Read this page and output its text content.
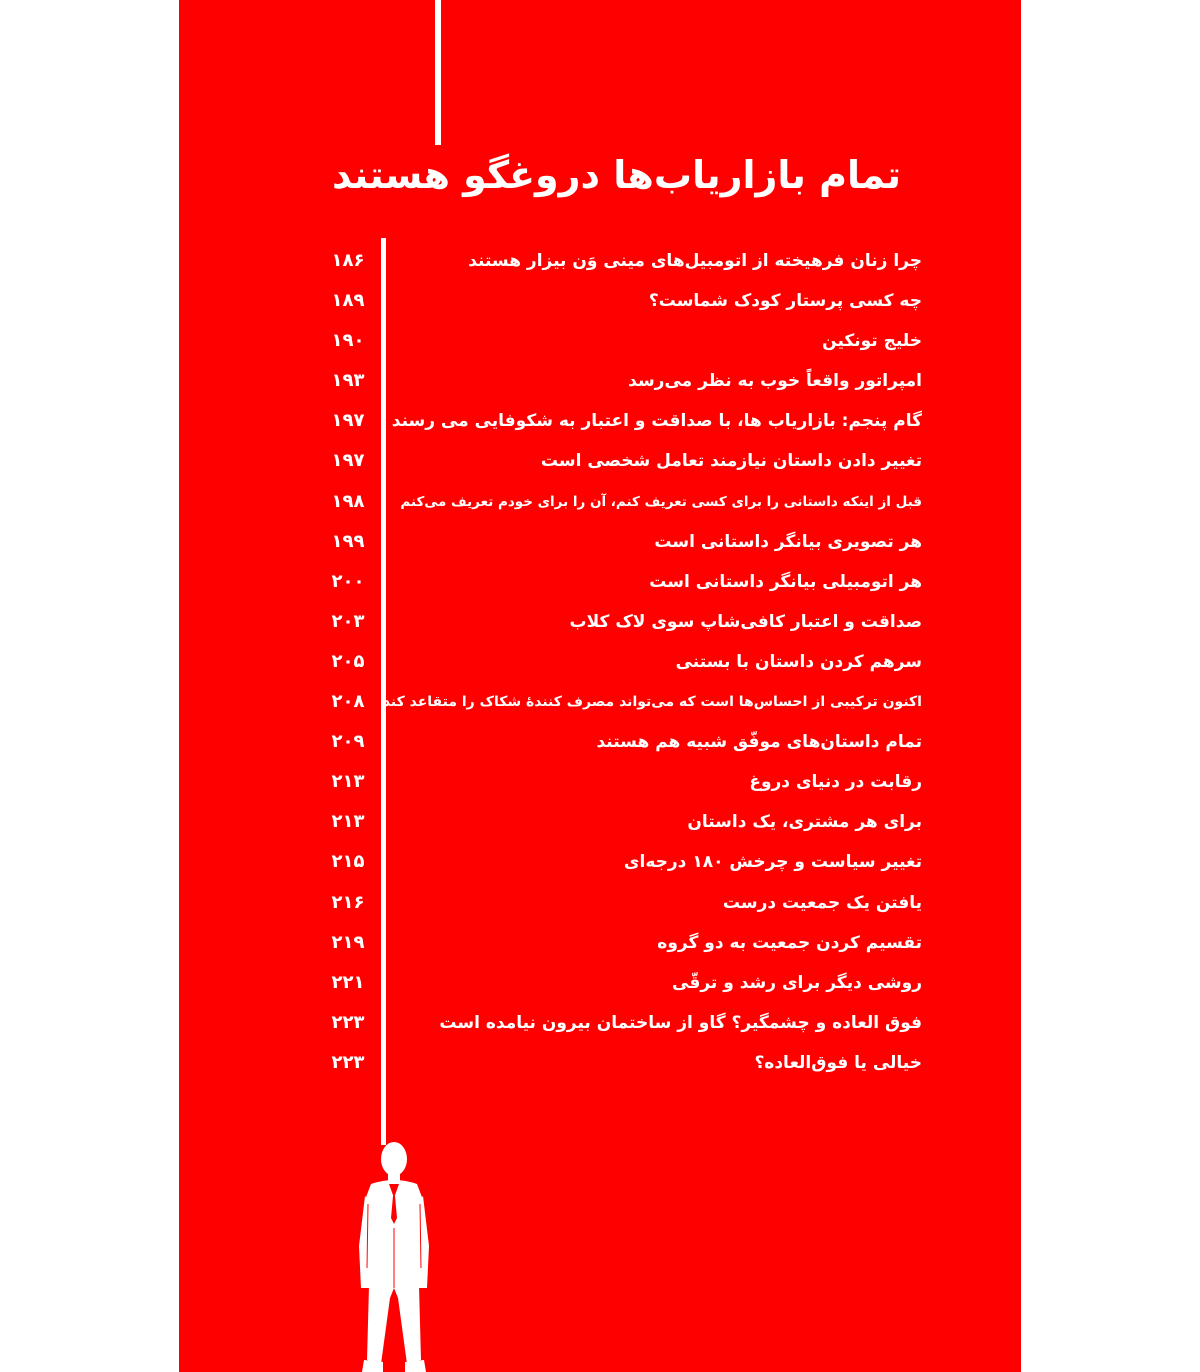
تمام بازاریاب‌ها دروغگو هستند
چرا زنان فرهیخته از اتومبیل‌های مینی وَن بیزار هستند
۱۸۶
چه کسی پرستار کودک شماست؟
۱۸۹
خلیج تونکین
۱۹۰
امپراتور واقعاً خوب به نظر می‌رسد
۱۹۳
گام پنجم: بازاریاب ها، با صداقت و اعتبار به شکوفایی می رسند
۱۹۷
تغییر دادن داستان نیازمند تعامل شخصی است
۱۹۷
قبل از اینکه داستانی را برای کسی تعریف کنم، آن را برای خودم تعریف می‌کنم
۱۹۸
هر تصویری بیانگر داستانی است
۱۹۹
هر اتومبیلی بیانگر داستانی است
۲۰۰
صداقت و اعتبار کافی‌شاپ سوی لاک کلاب
۲۰۳
سرهم کردن داستان با بستنی
۲۰۵
اکنون ترکیبی از احساس‌ها است که می‌تواند مصرف کنندهٔ شکاک را متقاعد کند
۲۰۸
تمام داستان‌های موفّق شبیه هم هستند
۲۰۹
رقابت در دنیای دروغ
۲۱۳
برای هر مشتری، یک داستان
۲۱۳
تغییر سیاست و چرخش ۱۸۰ درجه‌ای
۲۱۵
یافتن یک جمعیت درست
۲۱۶
تقسیم کردن جمعیت به دو گروه
۲۱۹
روشی دیگر برای رشد و ترقّی
۲۲۱
فوق العاده و چشمگیر؟ گاو از ساختمان بیرون نیامده است
۲۲۳
خیالی یا فوق‌العاده؟
۲۲۳
